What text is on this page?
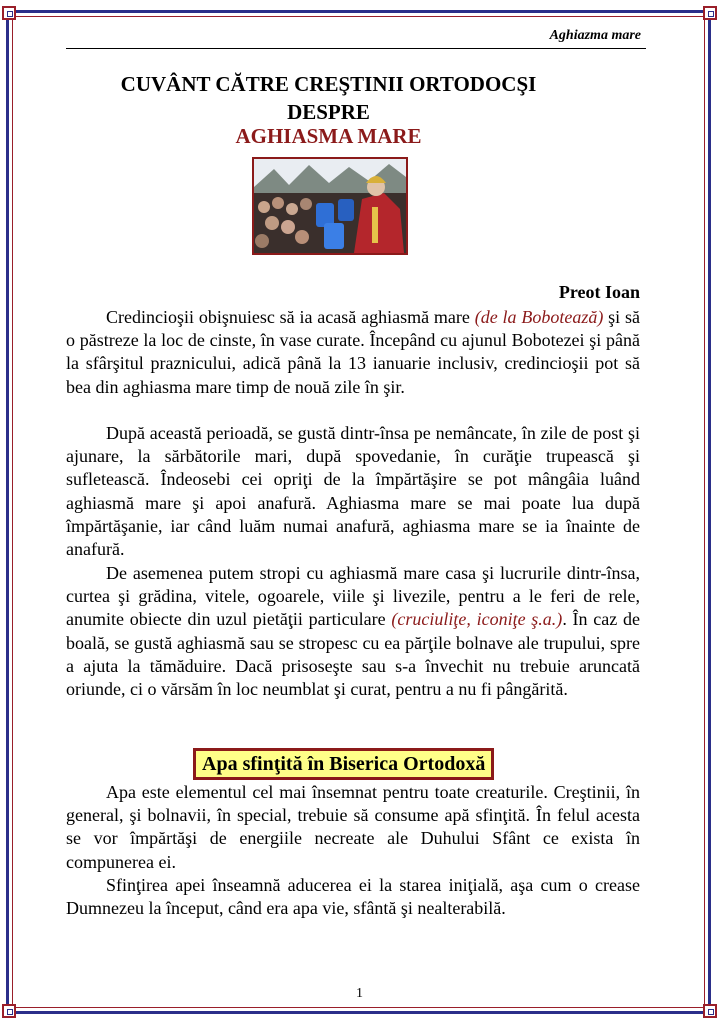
Aghiazma mare
CUVÂNT CĂTRE CREŞTINII ORTODOCŞI
DESPRE
AGHIASMA MARE
Preot Ioan

Credincioşii obişnuiesc să ia acasă aghiasmă mare (de la Bobotează) şi să o păstreze la loc de cinste, în vase curate. Începând cu ajunul Bobotezei şi până la sfârşitul praznicului, adică până la 13 ianuarie inclusiv, credincioşii pot să bea din aghiasma mare timp de nouă zile în şir.

După această perioadă, se gustă dintr-însa pe nemâncate, în zile de post şi ajunare, la sărbătorile mari, după spovedanie, în curăţie trupească şi sufletească. Îndeosebi cei opriţi de la împărtăşire se pot mângâia luând aghiasmă mare şi apoi anafură. Aghiasma mare se mai poate lua după împărtăşanie, iar când luăm numai anafură, aghiasma mare se ia înainte de anafură.

De asemenea putem stropi cu aghiasmă mare casa şi lucrurile dintr-însa, curtea şi grădina, vitele, ogoarele, viile şi livezile, pentru a le feri de rele, anumite obiecte din uzul pietăţii particulare (cruciuliţe, iconiţe ş.a.). În caz de boală, se gustă aghiasmă sau se stropesc cu ea părţile bolnave ale trupului, spre a ajuta la tămăduire. Dacă prisoseşte sau s-a învechit nu trebuie aruncată oriunde, ci o vărsăm în loc neumblat şi curat, pentru a nu fi pângărită.

Apa sfinţită în Biserica Ortodoxă

Apa este elementul cel mai însemnat pentru toate creaturile. Creştinii, în general, şi bolnavii, în special, trebuie să consume apă sfinţită. În felul acesta se vor împărtăşi de energiile necreate ale Duhului Sfânt ce exista în compunerea ei.

Sfinţirea apei înseamnă aducerea ei la starea iniţială, aşa cum o crease Dumnezeu la început, când era apa vie, sfântă şi nealterabilă.

1
